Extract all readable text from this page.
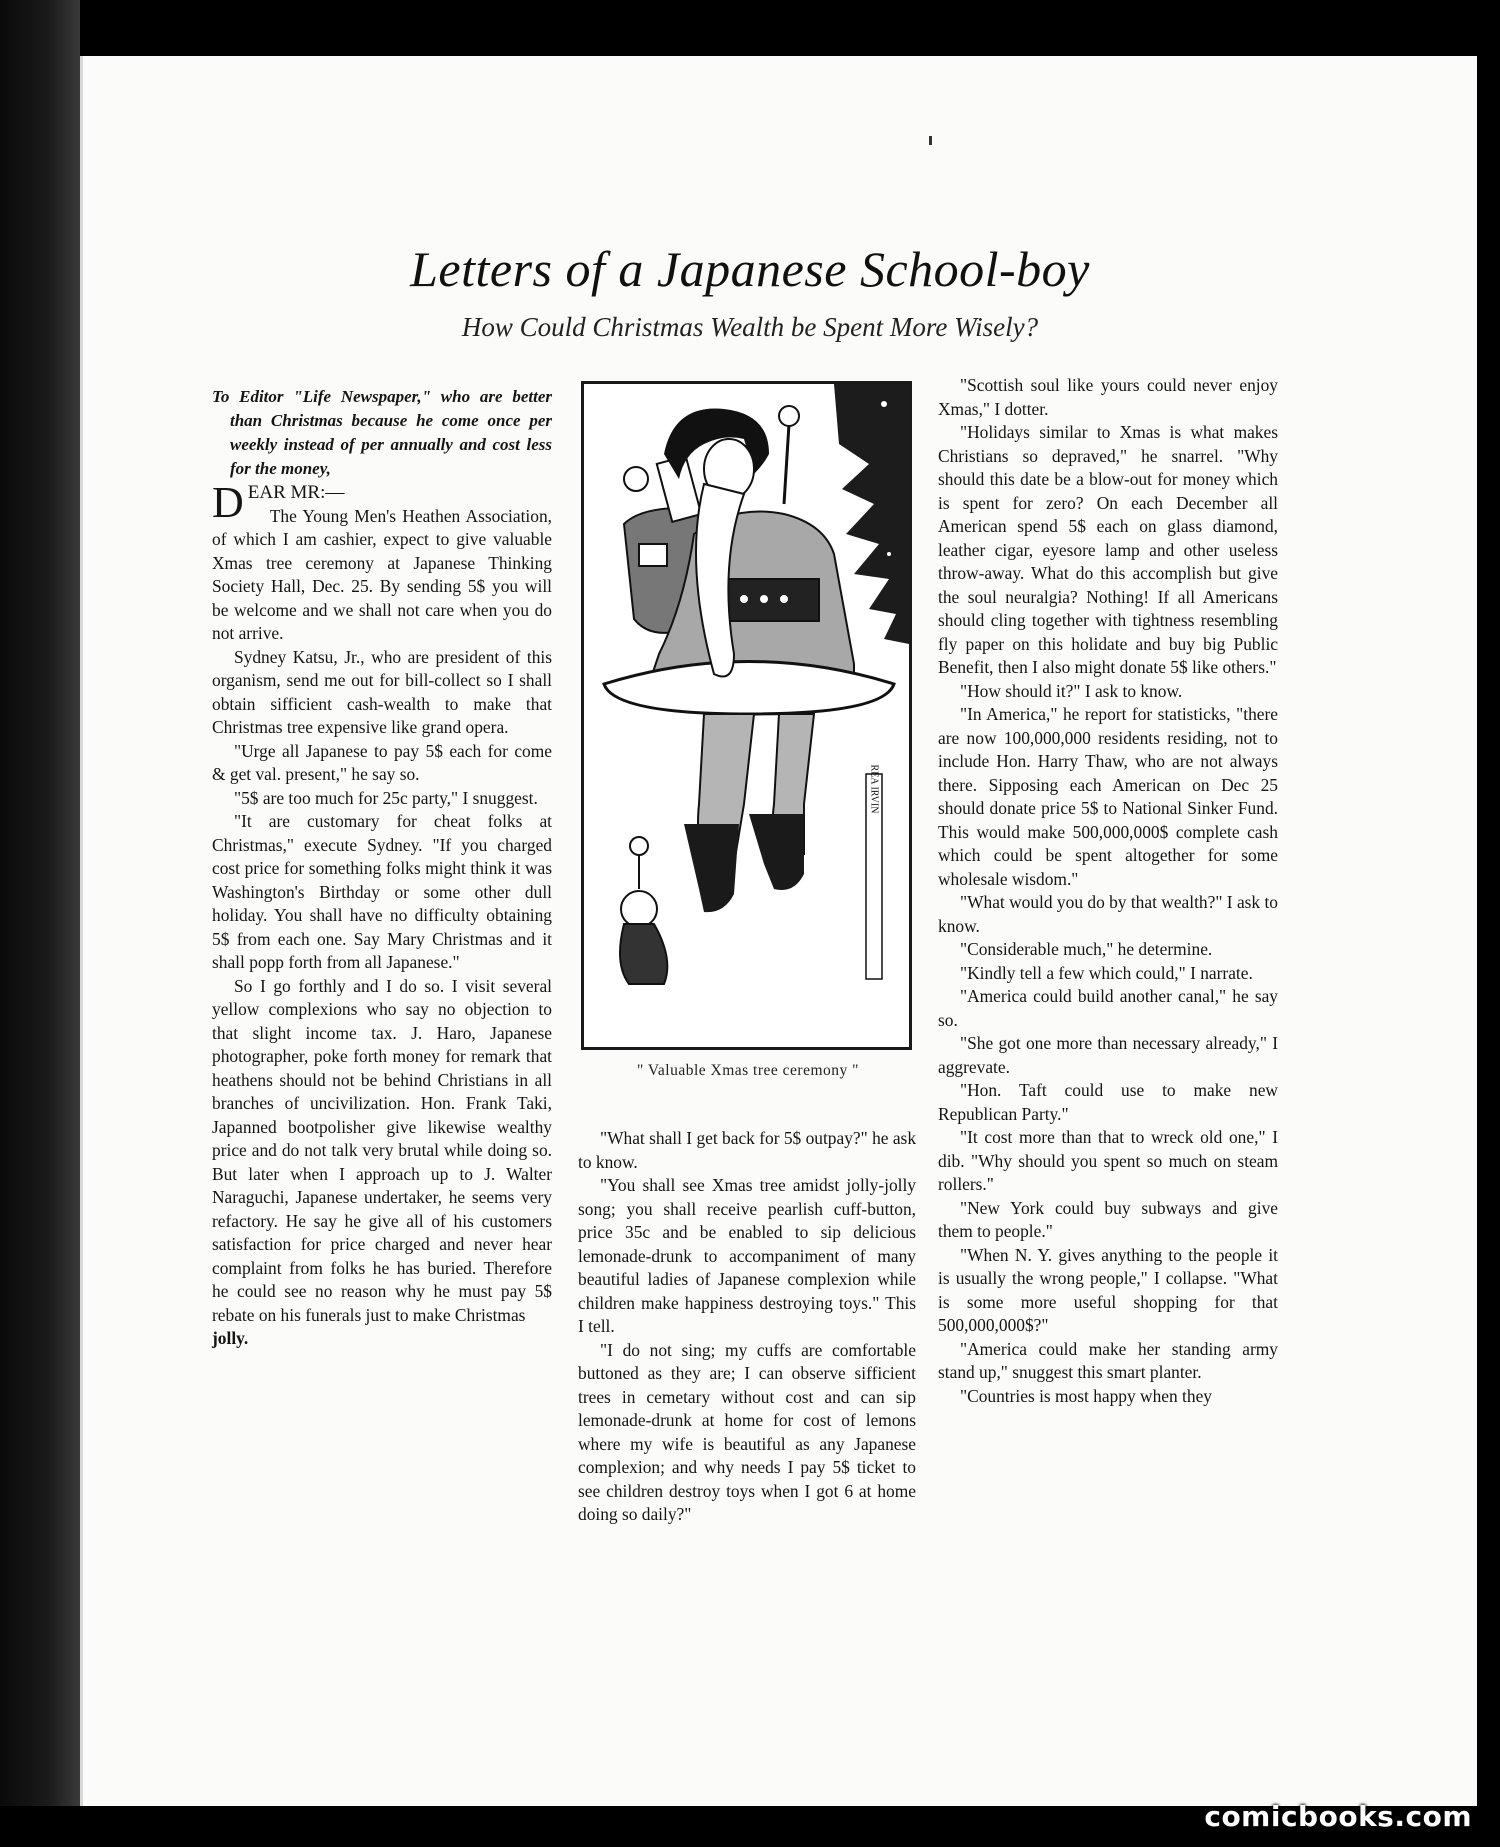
Letters of a Japanese School-boy
How Could Christmas Wealth be Spent More Wisely?

To Editor "Life Newspaper," who are better than Christmas because he come once per weekly instead of per annually and cost less for the money,

DEAR MR:—

The Young Men's Heathen Association, of which I am cashier, expect to give valuable Xmas tree ceremony at Japanese Thinking Society Hall, Dec. 25. By sending 5$ you will be welcome and we shall not care when you do not arrive.

Sydney Katsu, Jr., who are president of this organism, send me out for bill-collect so I shall obtain sifficient cash-wealth to make that Christmas tree expensive like grand opera.

"Urge all Japanese to pay 5$ each for come & get val. present," he say so.

"5$ are too much for 25c party," I snuggest.

"It are customary for cheat folks at Christmas," execute Sydney. "If you charged cost price for something folks might think it was Washington's Birthday or some other dull holiday. You shall have no difficulty obtaining 5$ from each one. Say Mary Christmas and it shall popp forth from all Japanese."

So I go forthly and I do so. I visit several yellow complexions who say no objection to that slight income tax. J. Haro, Japanese photographer, poke forth money for remark that heathens should not be behind Christians in all branches of uncivilization. Hon. Frank Taki, Japanned bootpolisher give likewise wealthy price and do not talk very brutal while doing so. But later when I approach up to J. Walter Naraguchi, Japanese undertaker, he seems very refactory. He say he give all of his customers satisfaction for price charged and never hear complaint from folks he has buried. Therefore he could see no reason why he must pay 5$ rebate on his funerals just to make Christmas

jolly.

REA IRVIN
" Valuable Xmas tree ceremony "

"What shall I get back for 5$ outpay?" he ask to know.

"You shall see Xmas tree amidst jolly-jolly song; you shall receive pearlish cuff-button, price 35c and be enabled to sip delicious lemonade-drunk to accompaniment of many beautiful ladies of Japanese complexion while children make happiness destroying toys." This I tell.

"I do not sing; my cuffs are comfortable buttoned as they are; I can observe sifficient trees in cemetary without cost and can sip lemonade-drunk at home for cost of lemons where my wife is beautiful as any Japanese complexion; and why needs I pay 5$ ticket to see children destroy toys when I got 6 at home doing so daily?"

"Scottish soul like yours could never enjoy Xmas," I dotter.

"Holidays similar to Xmas is what makes Christians so depraved," he snarrel. "Why should this date be a blow-out for money which is spent for zero? On each December all American spend 5$ each on glass diamond, leather cigar, eyesore lamp and other useless throw-away. What do this accomplish but give the soul neuralgia? Nothing! If all Americans should cling together with tightness resembling fly paper on this holidate and buy big Public Benefit, then I also might donate 5$ like others."

"How should it?" I ask to know.

"In America," he report for statisticks, "there are now 100,000,000 residents residing, not to include Hon. Harry Thaw, who are not always there. Sipposing each American on Dec 25 should donate price 5$ to National Sinker Fund. This would make 500,000,000$ complete cash which could be spent altogether for some wholesale wisdom."

"What would you do by that wealth?" I ask to know.

"Considerable much," he determine.

"Kindly tell a few which could," I narrate.

"America could build another canal," he say so.

"She got one more than necessary already," I aggrevate.

"Hon. Taft could use to make new Republican Party."

"It cost more than that to wreck old one," I dib. "Why should you spent so much on steam rollers."

"New York could buy subways and give them to people."

"When N. Y. gives anything to the people it is usually the wrong people," I collapse. "What is some more useful shopping for that 500,000,000$?"

"America could make her standing army stand up," snuggest this smart planter.

"Countries is most happy when they

comicbooks.com
